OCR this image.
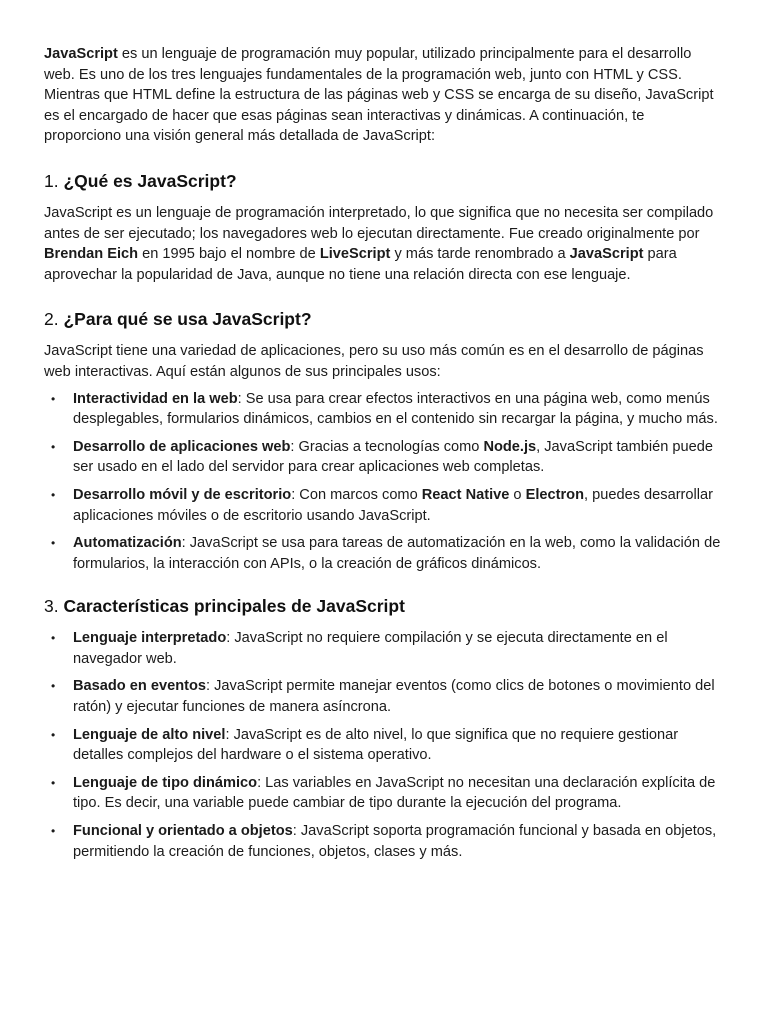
JavaScript es un lenguaje de programación muy popular, utilizado principalmente para el desarrollo web. Es uno de los tres lenguajes fundamentales de la programación web, junto con HTML y CSS. Mientras que HTML define la estructura de las páginas web y CSS se encarga de su diseño, JavaScript es el encargado de hacer que esas páginas sean interactivas y dinámicas. A continuación, te proporciono una visión general más detallada de JavaScript:

1. ¿Qué es JavaScript?

JavaScript es un lenguaje de programación interpretado, lo que significa que no necesita ser compilado antes de ser ejecutado; los navegadores web lo ejecutan directamente. Fue creado originalmente por Brendan Eich en 1995 bajo el nombre de LiveScript y más tarde renombrado a JavaScript para aprovechar la popularidad de Java, aunque no tiene una relación directa con ese lenguaje.

2. ¿Para qué se usa JavaScript?

JavaScript tiene una variedad de aplicaciones, pero su uso más común es en el desarrollo de páginas web interactivas. Aquí están algunos de sus principales usos:

• Interactividad en la web: Se usa para crear efectos interactivos en una página web, como menús desplegables, formularios dinámicos, cambios en el contenido sin recargar la página, y mucho más.
• Desarrollo de aplicaciones web: Gracias a tecnologías como Node.js, JavaScript también puede ser usado en el lado del servidor para crear aplicaciones web completas.
• Desarrollo móvil y de escritorio: Con marcos como React Native o Electron, puedes desarrollar aplicaciones móviles o de escritorio usando JavaScript.
• Automatización: JavaScript se usa para tareas de automatización en la web, como la validación de formularios, la interacción con APIs, o la creación de gráficos dinámicos.
3. Características principales de JavaScript
• Lenguaje interpretado: JavaScript no requiere compilación y se ejecuta directamente en el navegador web.
• Basado en eventos: JavaScript permite manejar eventos (como clics de botones o movimiento del ratón) y ejecutar funciones de manera asíncrona.
• Lenguaje de alto nivel: JavaScript es de alto nivel, lo que significa que no requiere gestionar detalles complejos del hardware o el sistema operativo.
• Lenguaje de tipo dinámico: Las variables en JavaScript no necesitan una declaración explícita de tipo. Es decir, una variable puede cambiar de tipo durante la ejecución del programa.
• Funcional y orientado a objetos: JavaScript soporta programación funcional y basada en objetos, permitiendo la creación de funciones, objetos, clases y más.
